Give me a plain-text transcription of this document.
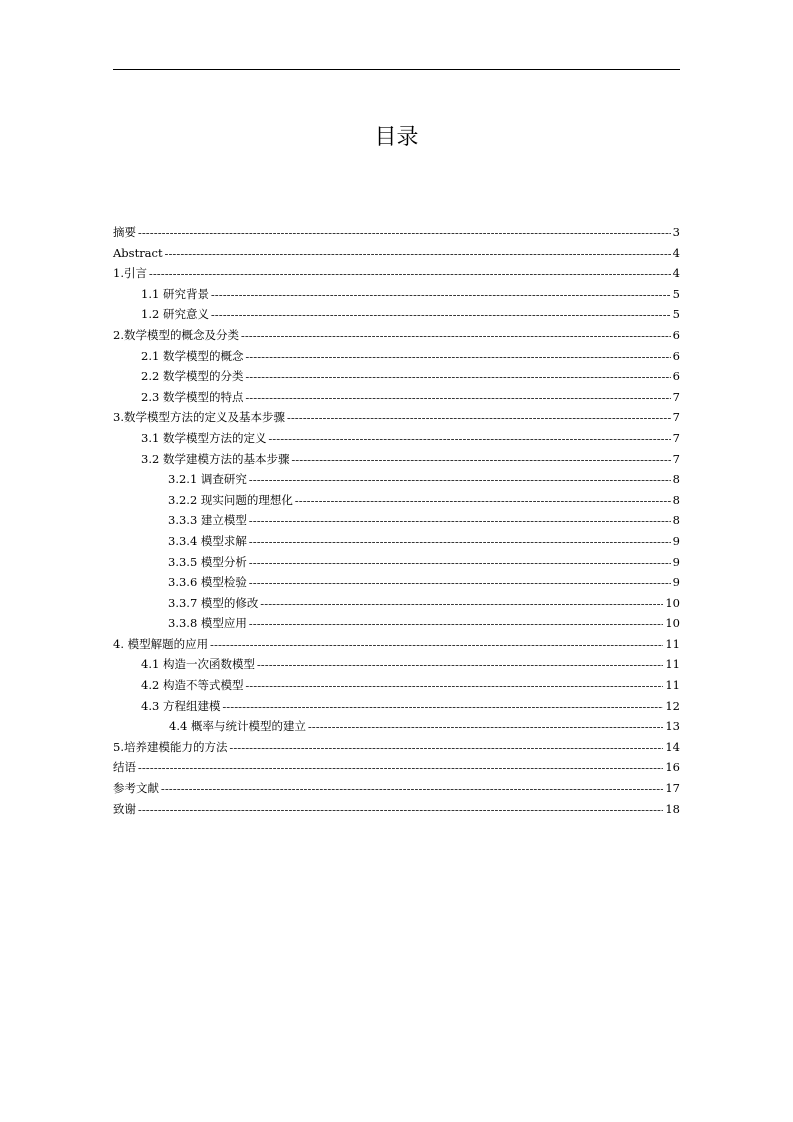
目录
摘要 -----	3
Abstract -----	4
1.引言 -----	4
1.1 研究背景 -----	5
1.2 研究意义 -----	5
2.数学模型的概念及分类 -----	6
2.1 数学模型的概念 -----	6
2.2 数学模型的分类 -----	6
2.3 数学模型的特点 -----	7
3.数学模型方法的定义及基本步骤 -----	7
3.1 数学模型方法的定义 -----	7
3.2 数学建模方法的基本步骤 -----	7
3.2.1 调查研究 -----	8
3.2.2 现实问题的理想化 -----	8
3.3.3 建立模型 -----	8
3.3.4 模型求解 -----	9
3.3.5 模型分析 -----	9
3.3.6 模型检验 -----	9
3.3.7 模型的修改 -----	10
3.3.8 模型应用 -----	10
4. 模型解题的应用 -----	11
4.1 构造一次函数模型 -----	11
4.2 构造不等式模型 -----	11
4.3 方程组建模 -----	12
4.4 概率与统计模型的建立 -----	13
5.培养建模能力的方法 -----	14
结语 -----	16
参考文献 -----	17
致谢 -----	18
